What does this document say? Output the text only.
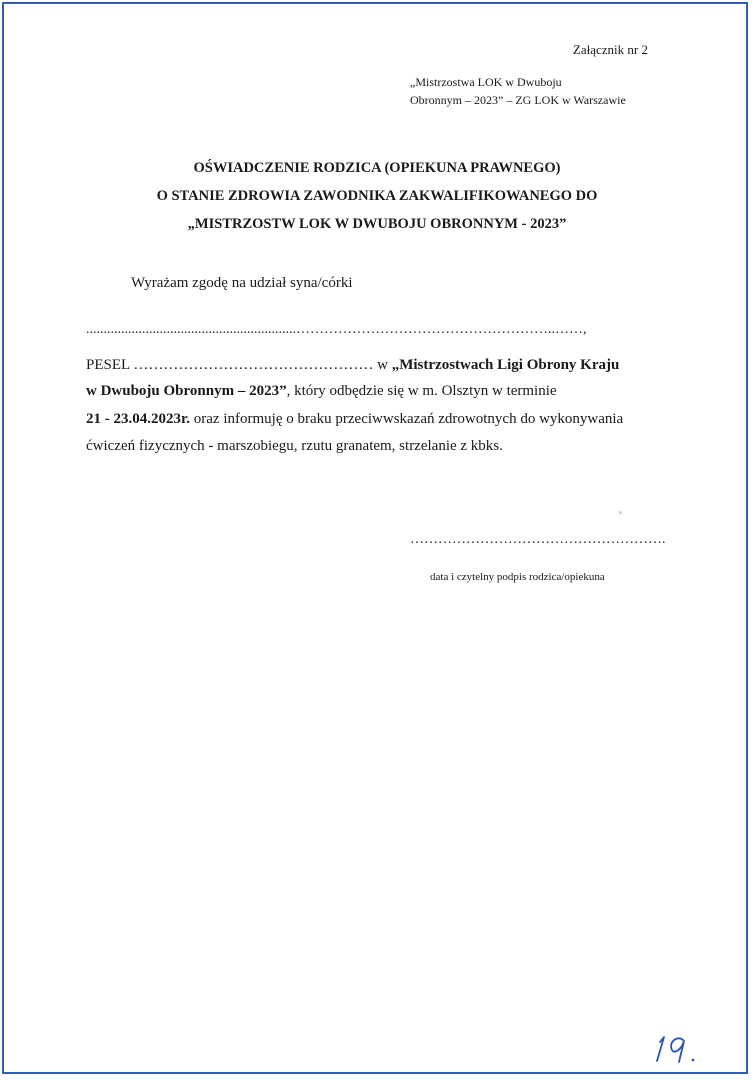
Załącznik nr 2
„Mistrzostwa LOK w Dwuboju
Obronnym – 2023” – ZG LOK w Warszawie
OŚWIADCZENIE RODZICA (OPIEKUNA PRAWNEGO)
O STANIE ZDROWIA ZAWODNIKA ZAKWALIFIKOWANEGO DO
„MISTRZOSTW LOK W DWUBOJU OBRONNYM - 2023”
Wyrażam zgodę na udział syna/córki
............................................................………………………………………………..……,
PESEL ………………………………………… w „Mistrzostwach Ligi Obrony Kraju
w Dwuboju Obronnym – 2023”, który odbędzie się w m. Olsztyn w terminie
21 - 23.04.2023r. oraz informuję o braku przeciwwskazań zdrowotnych do wykonywania
ćwiczeń fizycznych - marszobiegu, rzutu granatem, strzelanie z kbks.
……………………………………………….
data i czytelny podpis rodzica/opiekuna
